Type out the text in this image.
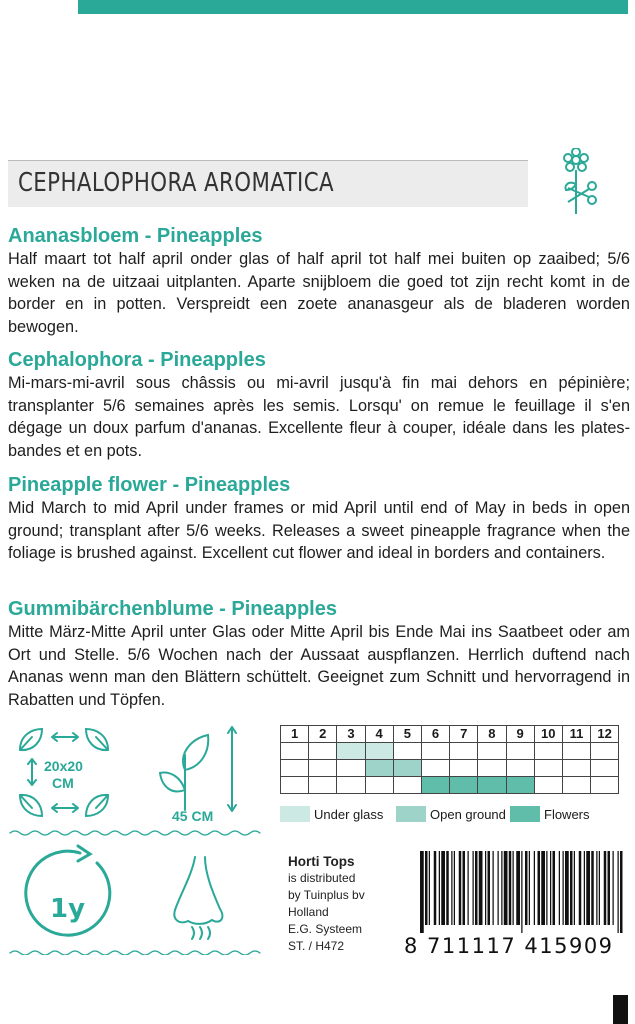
CEPHALOPHORA AROMATICA
Ananasbloem - Pineapples

Half maart tot half april onder glas of half april tot half mei buiten op zaaibed; 5/6 weken na de uitzaai uitplanten. Aparte snijbloem die goed tot zijn recht komt in de border en in potten. Verspreidt een zoete ananasgeur als de bladeren worden bewogen.

Cephalophora - Pineapples

Mi-mars-mi-avril sous châssis ou mi-avril jusqu'à fin mai dehors en pépinière; transplanter 5/6 semaines après les semis. Lorsqu' on remue le feuillage il s'en dégage un doux parfum d'ananas. Excellente fleur à couper, idéale dans les plates-bandes et en pots.

Pineapple flower - Pineapples

Mid March to mid April under frames or mid April until end of May in beds in open ground; transplant after 5/6 weeks. Releases a sweet pineapple fragrance when the foliage is brushed against. Excellent cut flower and ideal in borders and containers.

Gummibärchenblume - Pineapples

Mitte März-Mitte April unter Glas oder Mitte April bis Ende Mai ins Saatbeet oder am Ort und Stelle. 5/6 Wochen nach der Aussaat auspflanzen. Herrlich duftend nach Ananas wenn man den Blättern schüttelt. Geeignet zum Schnitt und hervorragend in Rabatten und Töpfen.

20x20
CM
45 CM
1y
1	2	3	4	5	6	7	8	9	10	11	12

Under glass	Open ground	Flowers
Horti Tops
is distributed
by Tuinplus bv
Holland
E.G. Systeem
ST. / H472	8 711117 415909
